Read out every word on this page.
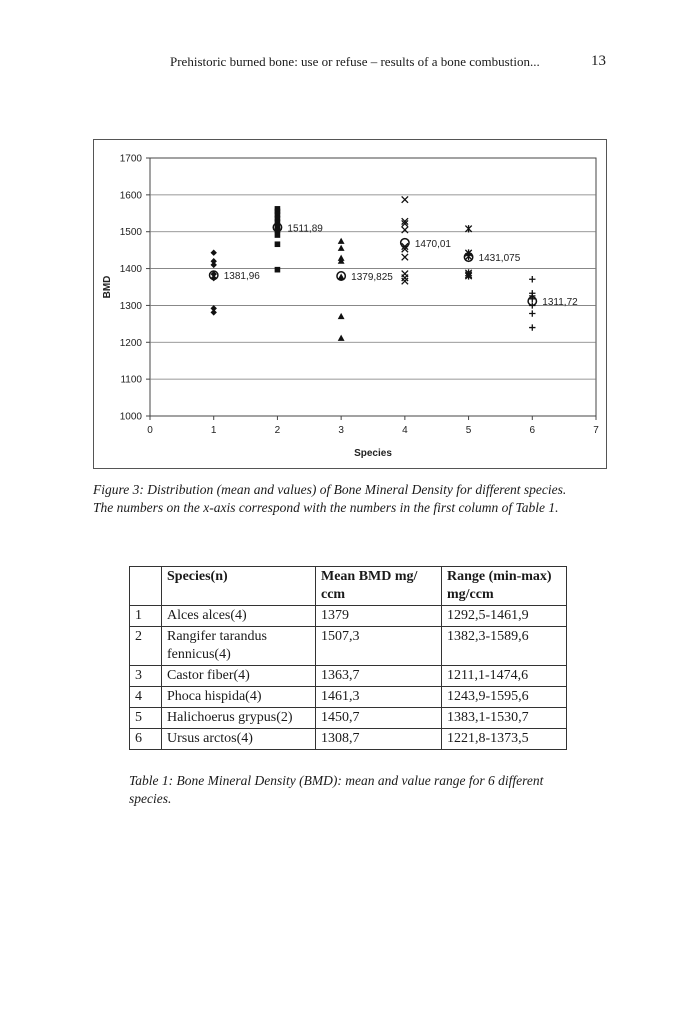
Prehistoric burned bone: use or refuse – results of a bone combustion...	13
1000
1100
1200
1300
1400
1500
1600
1700
0	1	2	3	4	5	6	7
Species
BMD	1381,96
1511,89
1379,825
1470,01
1431,075
1311,72
Figure 3: Distribution (mean and values) of Bone Mineral Density for different species.
The numbers on the x-axis correspond with the numbers in the first column of Table 1.
	Species(n)	Mean BMD mg/ ccm	Range (min-max) mg/ccm
1	Alces alces(4)	1379	1292,5-1461,9
2	Rangifer tarandus fennicus(4)	1507,3	1382,3-1589,6
3	Castor fiber(4)	1363,7	1211,1-1474,6
4	Phoca hispida(4)	1461,3	1243,9-1595,6
5	Halichoerus grypus(2)	1450,7	1383,1-1530,7
6	Ursus arctos(4)	1308,7	1221,8-1373,5
Table 1: Bone Mineral Density (BMD): mean and value range for 6 different
species.
